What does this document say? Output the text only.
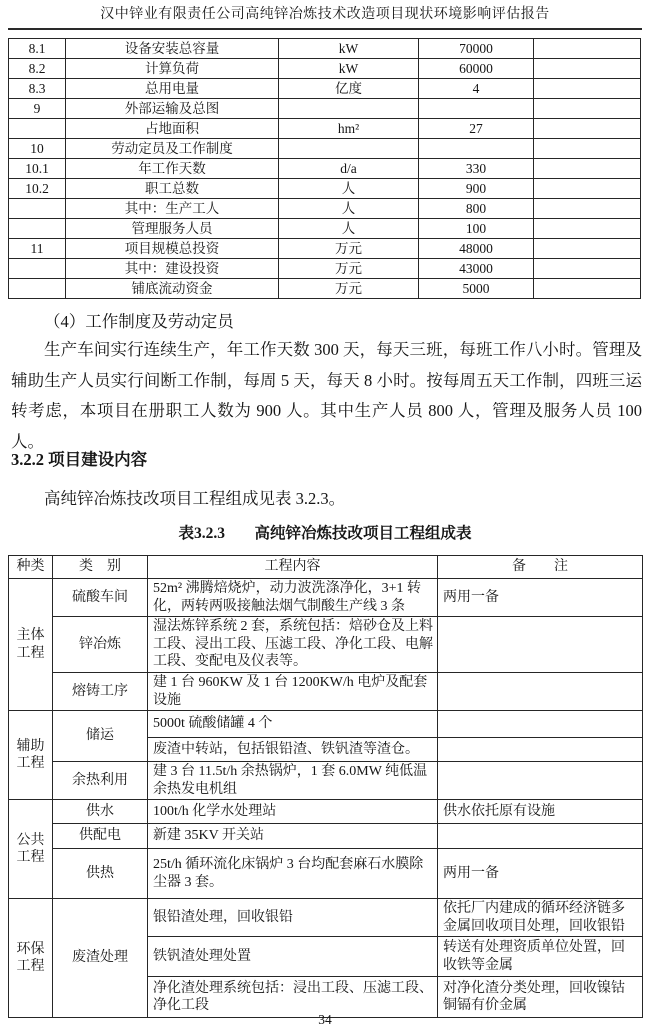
汉中锌业有限责任公司高纯锌冶炼技术改造项目现状环境影响评估报告
8.1	设备安装总容量	kW	70000	
8.2	计算负荷	kW	60000	
8.3	总用电量	亿度	4	
9	外部运输及总图			
	占地面积	hm²	27	
10	劳动定员及工作制度			
10.1	年工作天数	d/a	330	
10.2	职工总数	人	900	
	其中：生产工人	人	800	
	管理服务人员	人	100	
11	项目规模总投资	万元	48000	
	其中：建设投资	万元	43000	
	铺底流动资金	万元	5000	
（4）工作制度及劳动定员
生产车间实行连续生产，年工作天数 300 天，每天三班，每班工作八小时。管理及辅助生产人员实行间断工作制，每周 5 天，每天 8 小时。按每周五天工作制，四班三运转考虑，本项目在册职工人数为 900 人。其中生产人员 800 人，管理及服务人员 100 人。
3.2.2 项目建设内容
高纯锌冶炼技改项目工程组成见表 3.2.3。
表3.2.3 高纯锌冶炼技改项目工程组成表
种类	类　别	工程内容	备　　注
主体工程	硫酸车间	52m² 沸腾焙烧炉，动力波洗涤净化，3+1 转化，两转两吸接触法烟气制酸生产线 3 条	两用一备
	锌冶炼	湿法炼锌系统 2 套，系统包括：焙砂仓及上料工段、浸出工段、压滤工段、净化工段、电解工段、变配电及仪表等。	
	熔铸工序	建 1 台 960KW 及 1 台 1200KW/h 电炉及配套设施	
辅助工程	储运	5000t 硫酸储罐 4 个	
		废渣中转站，包括银铅渣、铁钒渣等渣仓。	
	余热利用	建 3 台 11.5t/h 余热锅炉，1 套 6.0MW 纯低温余热发电机组	
公共工程	供水	100t/h 化学水处理站	供水依托原有设施
	供配电	新建 35KV 开关站	
	供热	25t/h 循环流化床锅炉 3 台均配套麻石水膜除尘器 3 套。	两用一备
环保工程	废渣处理	银铅渣处理，回收银铅	依托厂内建成的循环经济链多金属回收项目处理，回收银铅
		铁钒渣处理处置	转送有处理资质单位处置，回收铁等金属
		净化渣处理系统包括：浸出工段、压滤工段、净化工段	对净化渣分类处理，回收镍钴铜镉有价金属
34
